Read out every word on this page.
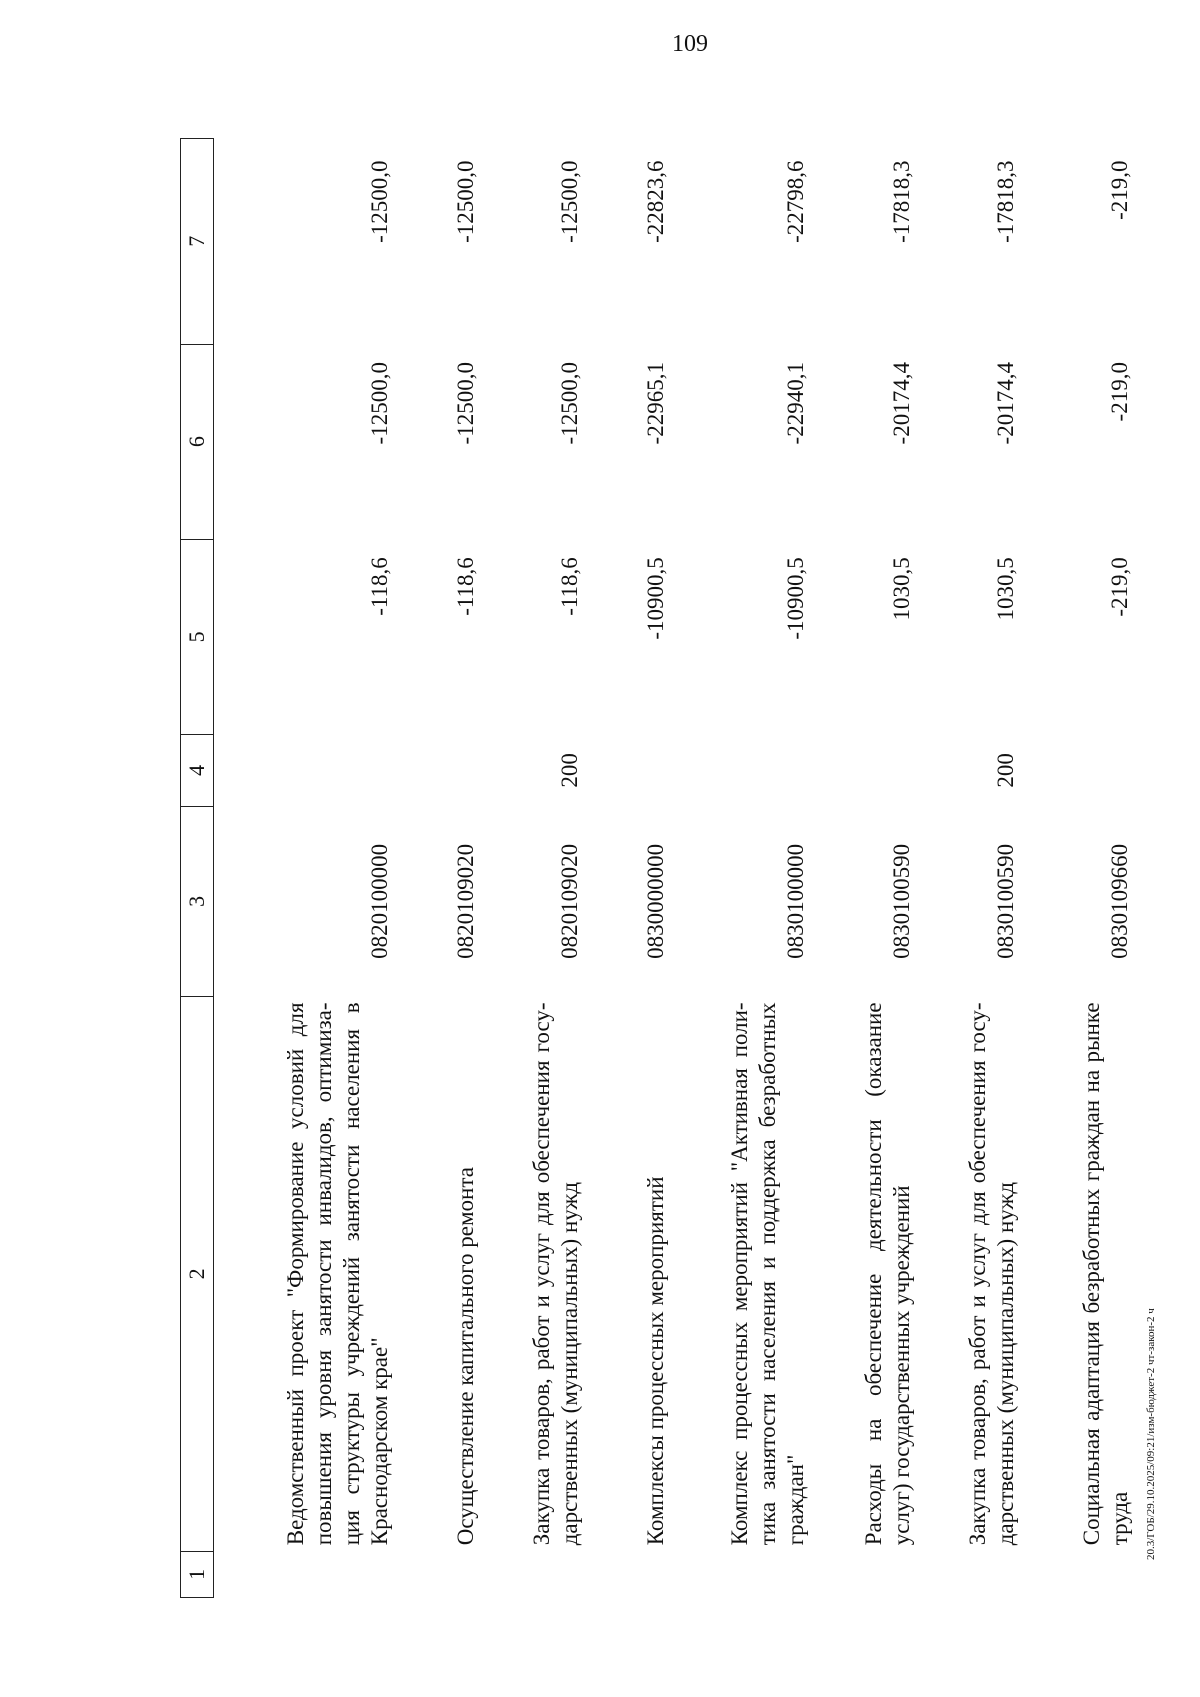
109
1	2	3	4	5	6	7
	Ведомственный проект "Формирование условий для повышения уровня занятости инвалидов, оптимиза-ция структуры учреждений занятости населения в Краснодарском крае"	0820100000		-118,6	-12500,0	-12500,0
	Осуществление капитального ремонта	0820109020		-118,6	-12500,0	-12500,0
	Закупка товаров, работ и услуг для обеспечения госу-дарственных (муниципальных) нужд	0820109020	200	-118,6	-12500,0	-12500,0
	Комплексы процессных мероприятий	0830000000		-10900,5	-22965,1	-22823,6
	Комплекс процессных мероприятий "Активная поли-тика занятости населения и поддержка безработных граждан"	0830100000		-10900,5	-22940,1	-22798,6
	Расходы на обеспечение деятельности (оказание услуг) государственных учреждений	0830100590		1030,5	-20174,4	-17818,3
	Закупка товаров, работ и услуг для обеспечения госу-дарственных (муниципальных) нужд	0830100590	200	1030,5	-20174,4	-17818,3
	Социальная адаптация безработных граждан на рынке труда	0830109660		-219,0	-219,0	-219,0
20.3/ГОБ/29.10.2025/09:21/изм-бюджет-2 чт-закон-2 ч
